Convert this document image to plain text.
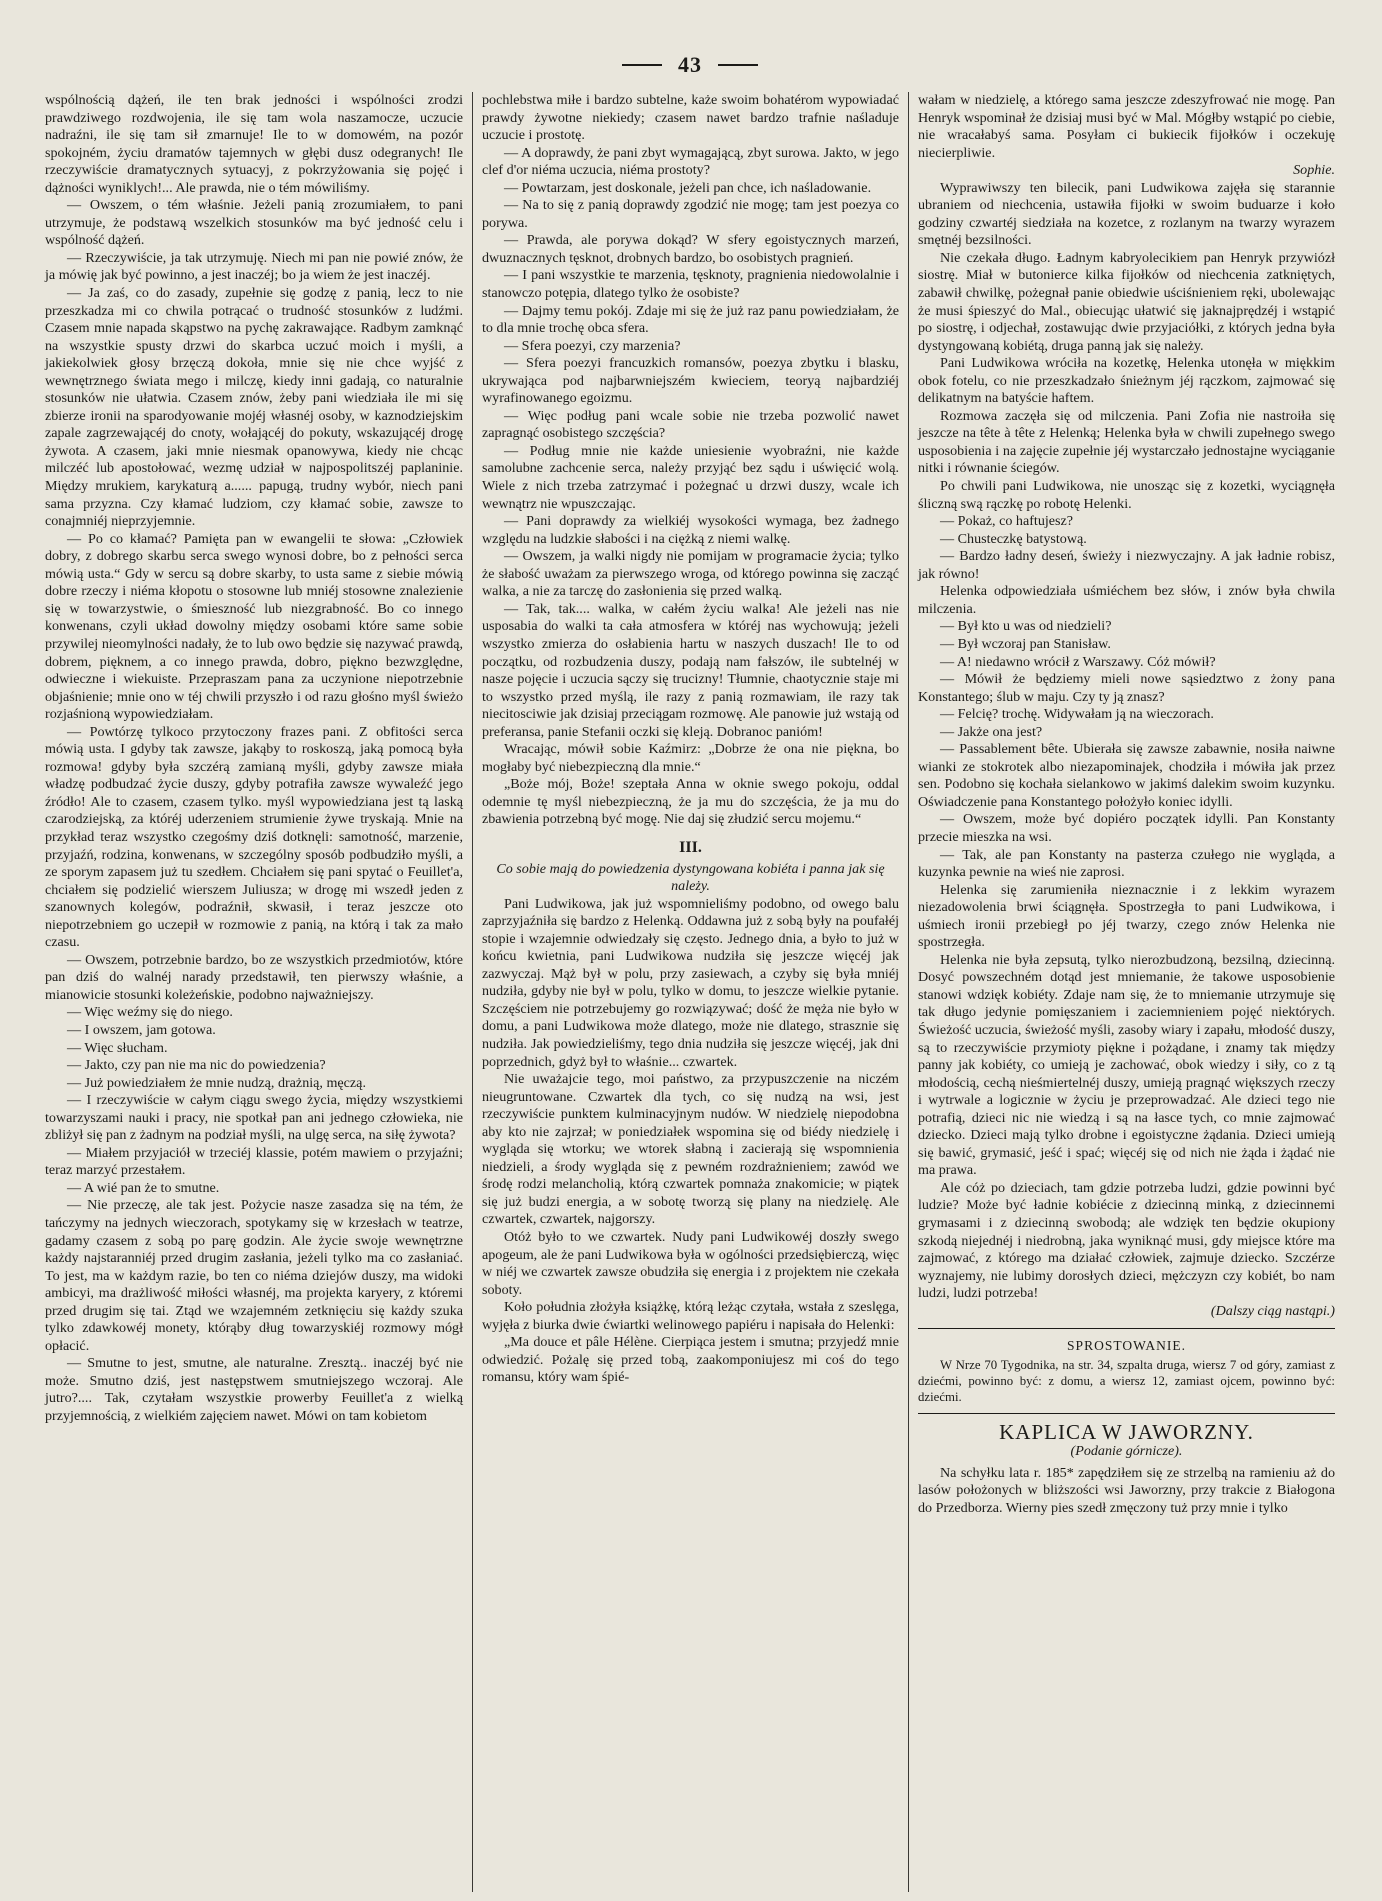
43

wspólnością dążeń, ile ten brak jedności i wspólności zrodzi prawdziwego rozdwojenia, ile się tam wola naszamocze, uczucie nadraźni, ile się tam sił zmarnuje! Ile to w domowém, na pozór spokojném, życiu dramatów tajemnych w głębi dusz odegranych! Ile rzeczywiście dramatycznych sytuacyj, z pokrzyżowania się pojęć i dążności wyniklych!... Ale prawda, nie o tém mówiliśmy.

— Owszem, o tém właśnie. Jeżeli panią zrozumiałem, to pani utrzymuje, że podstawą wszelkich stosunków ma być jedność celu i wspólność dążeń.

— Rzeczywiście, ja tak utrzymuję. Niech mi pan nie powié znów, że ja mówię jak być powinno, a jest inaczéj; bo ja wiem że jest inaczéj.

— Ja zaś, co do zasady, zupełnie się godzę z panią, lecz to nie przeszkadza mi co chwila potrącać o trudność stosunków z ludźmi. Czasem mnie napada skąpstwo na pychę zakrawające. Radbym zamknąć na wszystkie spusty drzwi do skarbca uczuć moich i myśli, a jakiekolwiek głosy brzęczą dokoła, mnie się nie chce wyjść z wewnętrznego świata mego i milczę, kiedy inni gadają, co naturalnie stosunków nie ułatwia. Czasem znów, żeby pani wiedziała ile mi się zbierze ironii na sparodyowanie mojéj własnéj osoby, w kaznodziejskim zapale zagrzewającéj do cnoty, wołającéj do pokuty, wskazującéj drogę żywota. A czasem, jaki mnie niesmak opanowywa, kiedy nie chcąc milczéć lub apostołować, wezmę udział w najpospolitszéj paplaninie. Między mrukiem, karykaturą a...... papugą, trudny wybór, niech pani sama przyzna. Czy kłamać ludziom, czy kłamać sobie, zawsze to conajmniéj nieprzyjemnie.

— Po co kłamać? Pamięta pan w ewangelii te słowa: „Człowiek dobry, z dobrego skarbu serca swego wynosi dobre, bo z pełności serca mówią usta.“ Gdy w sercu są dobre skarby, to usta same z siebie mówią dobre rzeczy i niéma kłopotu o stosowne lub mniéj stosowne znalezienie się w towarzystwie, o śmieszność lub niezgrabność. Bo co innego konwenans, czyli układ dowolny między osobami które same sobie przywilej nieomylności nadały, że to lub owo będzie się nazywać prawdą, dobrem, pięknem, a co innego prawda, dobro, piękno bezwzględne, odwieczne i wiekuiste. Przepraszam pana za uczynione niepotrzebnie objaśnienie; mnie ono w téj chwili przyszło i od razu głośno myśl świeżo rozjaśnioną wypowiedziałam.

— Powtórzę tylkoco przytoczony frazes pani. Z obfitości serca mówią usta. I gdyby tak zawsze, jakąby to roskoszą, jaką pomocą była rozmowa! gdyby była szczérą zamianą myśli, gdyby zawsze miała władzę podbudzać życie duszy, gdyby potrafiła zawsze wywaleźć jego źródło! Ale to czasem, czasem tylko. myśl wypowiedziana jest tą laską czarodziejską, za któréj uderzeniem strumienie żywe tryskają. Mnie na przykład teraz wszystko czegośmy dziś dotknęli: samotność, marzenie, przyjaźń, rodzina, konwenans, w szczególny sposób podbudziło myśli, a ze sporym zapasem już tu szedłem. Chciałem się pani spytać o Feuillet'a, chciałem się podzielić wierszem Juliusza; w drogę mi wszedł jeden z szanownych kolegów, podraźnił, skwasił, i teraz jeszcze oto niepotrzebniem go uczepił w rozmowie z panią, na którą i tak za mało czasu.

— Owszem, potrzebnie bardzo, bo ze wszystkich przedmiotów, które pan dziś do walnéj narady przedstawił, ten pierwszy właśnie, a mianowicie stosunki koleżeńskie, podobno najważniejszy.

— Więc weźmy się do niego.

— I owszem, jam gotowa.

— Więc słucham.

— Jakto, czy pan nie ma nic do powiedzenia?

— Już powiedziałem że mnie nudzą, drażnią, męczą.

— I rzeczywiście w całym ciągu swego życia, między wszystkiemi towarzyszami nauki i pracy, nie spotkał pan ani jednego człowieka, nie zbliżył się pan z żadnym na podział myśli, na ulgę serca, na siłę żywota?

— Miałem przyjaciół w trzeciéj klassie, potém mawiem o przyjaźni; teraz marzyć przestałem.

— A wié pan że to smutne.

— Nie przeczę, ale tak jest. Pożycie nasze zasadza się na tém, że tańczymy na jednych wieczorach, spotykamy się w krzesłach w teatrze, gadamy czasem z sobą po parę godzin. Ale życie swoje wewnętrzne każdy najstaranniéj przed drugim zasłania, jeżeli tylko ma co zasłaniać. To jest, ma w każdym razie, bo ten co niéma dziejów duszy, ma widoki ambicyi, ma drażliwość miłości własnéj, ma projekta karyery, z któremi przed drugim się tai. Ztąd we wzajemném zetknięciu się każdy szuka tylko zdawkowéj monety, którąby dług towarzyskiéj rozmowy mógł opłacić.

— Smutne to jest, smutne, ale naturalne. Zresztą.. inaczéj być nie może. Smutno dziś, jest następstwem smutniejszego wczoraj. Ale jutro?.... Tak, czytałam wszystkie prowerby Feuillet'a z wielką przyjemnością, z wielkiém zajęciem nawet. Mówi on tam kobietom

pochlebstwa miłe i bardzo subtelne, każe swoim bohatérom wypowiadać prawdy żywotne niekiedy; czasem nawet bardzo trafnie naśladuje uczucie i prostotę.

— A doprawdy, że pani zbyt wymagającą, zbyt surowa. Jakto, w jego clef d'or niéma uczucia, niéma prostoty?

— Powtarzam, jest doskonale, jeżeli pan chce, ich naśladowanie.

— Na to się z panią doprawdy zgodzić nie mogę; tam jest poezya co porywa.

— Prawda, ale porywa dokąd? W sfery egoistycznych marzeń, dwuznacznych tęsknot, drobnych bardzo, bo osobistych pragnień.

— I pani wszystkie te marzenia, tęsknoty, pragnienia niedowolalnie i stanowczo potępia, dlatego tylko że osobiste?

— Dajmy temu pokój. Zdaje mi się że już raz panu powiedziałam, że to dla mnie trochę obca sfera.

— Sfera poezyi, czy marzenia?

— Sfera poezyi francuzkich romansów, poezya zbytku i blasku, ukrywająca pod najbarwniejszém kwieciem, teoryą najbardziéj wyrafinowanego egoizmu.

— Więc podług pani wcale sobie nie trzeba pozwolić nawet zapragnąć osobistego szczęścia?

— Podług mnie nie każde uniesienie wyobraźni, nie każde samolubne zachcenie serca, należy przyjąć bez sądu i uświęcić wolą. Wiele z nich trzeba zatrzymać i pożegnać u drzwi duszy, wcale ich wewnątrz nie wpuszczając.

— Pani doprawdy za wielkiéj wysokości wymaga, bez żadnego względu na ludzkie słabości i na ciężką z niemi walkę.

— Owszem, ja walki nigdy nie pomijam w programacie życia; tylko że słabość uważam za pierwszego wroga, od którego powinna się zacząć walka, a nie za tarczę do zasłonienia się przed walką.

— Tak, tak.... walka, w całém życiu walka! Ale jeżeli nas nie usposabia do walki ta cała atmosfera w któréj nas wychowują; jeżeli wszystko zmierza do osłabienia hartu w naszych duszach! Ile to od początku, od rozbudzenia duszy, podają nam fałszów, ile subtelnéj w nasze pojęcie i uczucia sączy się trucizny! Tłumnie, chaotycznie staje mi to wszystko przed myślą, ile razy z panią rozmawiam, ile razy tak niecitosciwie jak dzisiaj przeciągam rozmowę. Ale panowie już wstają od preferansa, panie Stefanii oczki się kleją. Dobranoc panióm!

Wracając, mówił sobie Kaźmirz: „Dobrze że ona nie piękna, bo mogłaby być niebezpieczną dla mnie.“

„Boże mój, Boże! szeptała Anna w oknie swego pokoju, oddal odemnie tę myśl niebezpieczną, że ja mu do szczęścia, że ja mu do zbawienia potrzebną być mogę. Nie daj się złudzić sercu mojemu.“

III.

Co sobie mają do powiedzenia dystyngowana kobiéta i panna jak się należy.

Pani Ludwikowa, jak już wspomnieliśmy podobno, od owego balu zaprzyjaźniła się bardzo z Helenką. Oddawna już z sobą były na poufałéj stopie i wzajemnie odwiedzały się często. Jednego dnia, a było to już w końcu kwietnia, pani Ludwikowa nudziła się jeszcze więcéj jak zazwyczaj. Mąż był w polu, przy zasiewach, a czyby się była mniéj nudziła, gdyby nie był w polu, tylko w domu, to jeszcze wielkie pytanie. Szczęściem nie potrzebujemy go rozwiązywać; dość że męża nie było w domu, a pani Ludwikowa może dlatego, może nie dlatego, strasznie się nudziła. Jak powiedzieliśmy, tego dnia nudziła się jeszcze więcéj, jak dni poprzednich, gdyż był to właśnie... czwartek.

Nie uważajcie tego, moi państwo, za przypuszczenie na niczém nieugruntowane. Czwartek dla tych, co się nudzą na wsi, jest rzeczywiście punktem kulminacyjnym nudów. W niedzielę niepodobna aby kto nie zajrzał; w poniedziałek wspomina się od biédy niedzielę i wygląda się wtorku; we wtorek słabną i zacierają się wspomnienia niedzieli, a środy wygląda się z pewném rozdrażnieniem; zawód we środę rodzi melancholią, którą czwartek pomnaża znakomicie; w piątek się już budzi energia, a w sobotę tworzą się plany na niedzielę. Ale czwartek, czwartek, najgorszy.

Otóż było to we czwartek. Nudy pani Ludwikowéj doszły swego apogeum, ale że pani Ludwikowa była w ogólności przedsiębierczą, więc w niéj we czwartek zawsze obudziła się energia i z projektem nie czekała soboty.

Koło południa złożyła książkę, którą leżąc czytała, wstała z szeslęga, wyjęła z biurka dwie ćwiartki welinowego papiéru i napisała do Helenki:

„Ma douce et pâle Hélène. Cierpiąca jestem i smutna; przyjedź mnie odwiedzić. Pożalę się przed tobą, zaakomponiujesz mi coś do tego romansu, który wam śpié-

wałam w niedzielę, a którego sama jeszcze zdeszyfrować nie mogę. Pan Henryk wspominał że dzisiaj musi być w Mal. Mógłby wstąpić po ciebie, nie wracałabyś sama. Posyłam ci bukiecik fijołków i oczekuję niecierpliwie.

Sophie.

Wyprawiwszy ten bilecik, pani Ludwikowa zajęła się starannie ubraniem od niechcenia, ustawiła fijołki w swoim buduarze i koło godziny czwartéj siedziała na kozetce, z rozlanym na twarzy wyrazem smętnéj bezsilności.

Nie czekała długo. Ładnym kabryolecikiem pan Henryk przywiózł siostrę. Miał w butonierce kilka fijołków od niechcenia zatkniętych, zabawił chwilkę, pożegnał panie obiedwie uściśnieniem ręki, ubolewając że musi śpieszyć do Mal., obiecując ułatwić się jaknajprędzéj i wstąpić po siostrę, i odjechał, zostawując dwie przyjaciółki, z których jedna była dystyngowaną kobiétą, druga panną jak się należy.

Pani Ludwikowa wróciła na kozetkę, Helenka utonęła w miękkim obok fotelu, co nie przeszkadzało śnieżnym jéj rączkom, zajmować się delikatnym na batyście haftem.

Rozmowa zaczęła się od milczenia. Pani Zofia nie nastroiła się jeszcze na tête à tête z Helenką; Helenka była w chwili zupełnego swego usposobienia i na zajęcie zupełnie jéj wystarczało jednostajne wyciąganie nitki i równanie ściegów.

Po chwili pani Ludwikowa, nie unosząc się z kozetki, wyciągnęła śliczną swą rączkę po robotę Helenki.

— Pokaż, co haftujesz?

— Chusteczkę batystową.

— Bardzo ładny deseń, świeży i niezwyczajny. A jak ładnie robisz, jak równo!

Helenka odpowiedziała uśmiéchem bez słów, i znów była chwila milczenia.

— Był kto u was od niedzieli?

— Był wczoraj pan Stanisław.

— A! niedawno wrócił z Warszawy. Cóż mówił?

— Mówił że będziemy mieli nowe sąsiedztwo z żony pana Konstantego; ślub w maju. Czy ty ją znasz?

— Felcię? trochę. Widywałam ją na wieczorach.

— Jakże ona jest?

— Passablement bête. Ubierała się zawsze zabawnie, nosiła naiwne wianki ze stokrotek albo niezapominajek, chodziła i mówiła jak przez sen. Podobno się kochała sielankowo w jakimś dalekim swoim kuzynku. Oświadczenie pana Konstantego położyło koniec idylli.

— Owszem, może być dopiéro początek idylli. Pan Konstanty przecie mieszka na wsi.

— Tak, ale pan Konstanty na pasterza czułego nie wygląda, a kuzynka pewnie na wieś nie zaprosi.

Helenka się zarumieniła nieznacznie i z lekkim wyrazem niezadowolenia brwi ściągnęła. Spostrzegła to pani Ludwikowa, i uśmiech ironii przebiegł po jéj twarzy, czego znów Helenka nie spostrzegła.

Helenka nie była zepsutą, tylko nierozbudzoną, bezsilną, dziecinną. Dosyć powszechném dotąd jest mniemanie, że takowe usposobienie stanowi wdzięk kobiéty. Zdaje nam się, że to mniemanie utrzymuje się tak długo jedynie pomięszaniem i zaciemnieniem pojęć niektórych. Świeżość uczucia, świeżość myśli, zasoby wiary i zapału, młodość duszy, są to rzeczywiście przymioty piękne i pożądane, i znamy tak między panny jak kobiéty, co umieją je zachować, obok wiedzy i siły, co z tą młodością, cechą nieśmiertelnéj duszy, umieją pragnąć większych rzeczy i wytrwale a logicznie w życiu je przeprowadzać. Ale dzieci tego nie potrafią, dzieci nic nie wiedzą i są na łasce tych, co mnie zajmować dziecko. Dzieci mają tylko drobne i egoistyczne żądania. Dzieci umieją się bawić, grymasić, jeść i spać; więcéj się od nich nie żąda i żądać nie ma prawa.

Ale cóż po dzieciach, tam gdzie potrzeba ludzi, gdzie powinni być ludzie? Może być ładnie kobiécie z dziecinną minką, z dziecinnemi grymasami i z dziecinną swobodą; ale wdzięk ten będzie okupiony szkodą niejednéj i niedrobną, jaka wyniknąć musi, gdy miejsce które ma zajmować, z którego ma działać człowiek, zajmuje dziecko. Szczérze wyznajemy, nie lubimy dorosłych dzieci, mężczyzn czy kobiét, bo nam ludzi, ludzi potrzeba!

(Dalszy ciąg nastąpi.)
SPROSTOWANIE.

W Nrze 70 Tygodnika, na str. 34, szpalta druga, wiersz 7 od góry, zamiast z dziećmi, powinno być: z domu, a wiersz 12, zamiast ojcem, powinno być: dziećmi.

KAPLICA W JAWORZNY.
(Podanie górnicze).

Na schyłku lata r. 185* zapędziłem się ze strzelbą na ramieniu aż do lasów położonych w bliższości wsi Jaworzny, przy trakcie z Białogona do Przedborza. Wierny pies szedł zmęczony tuż przy mnie i tylko
